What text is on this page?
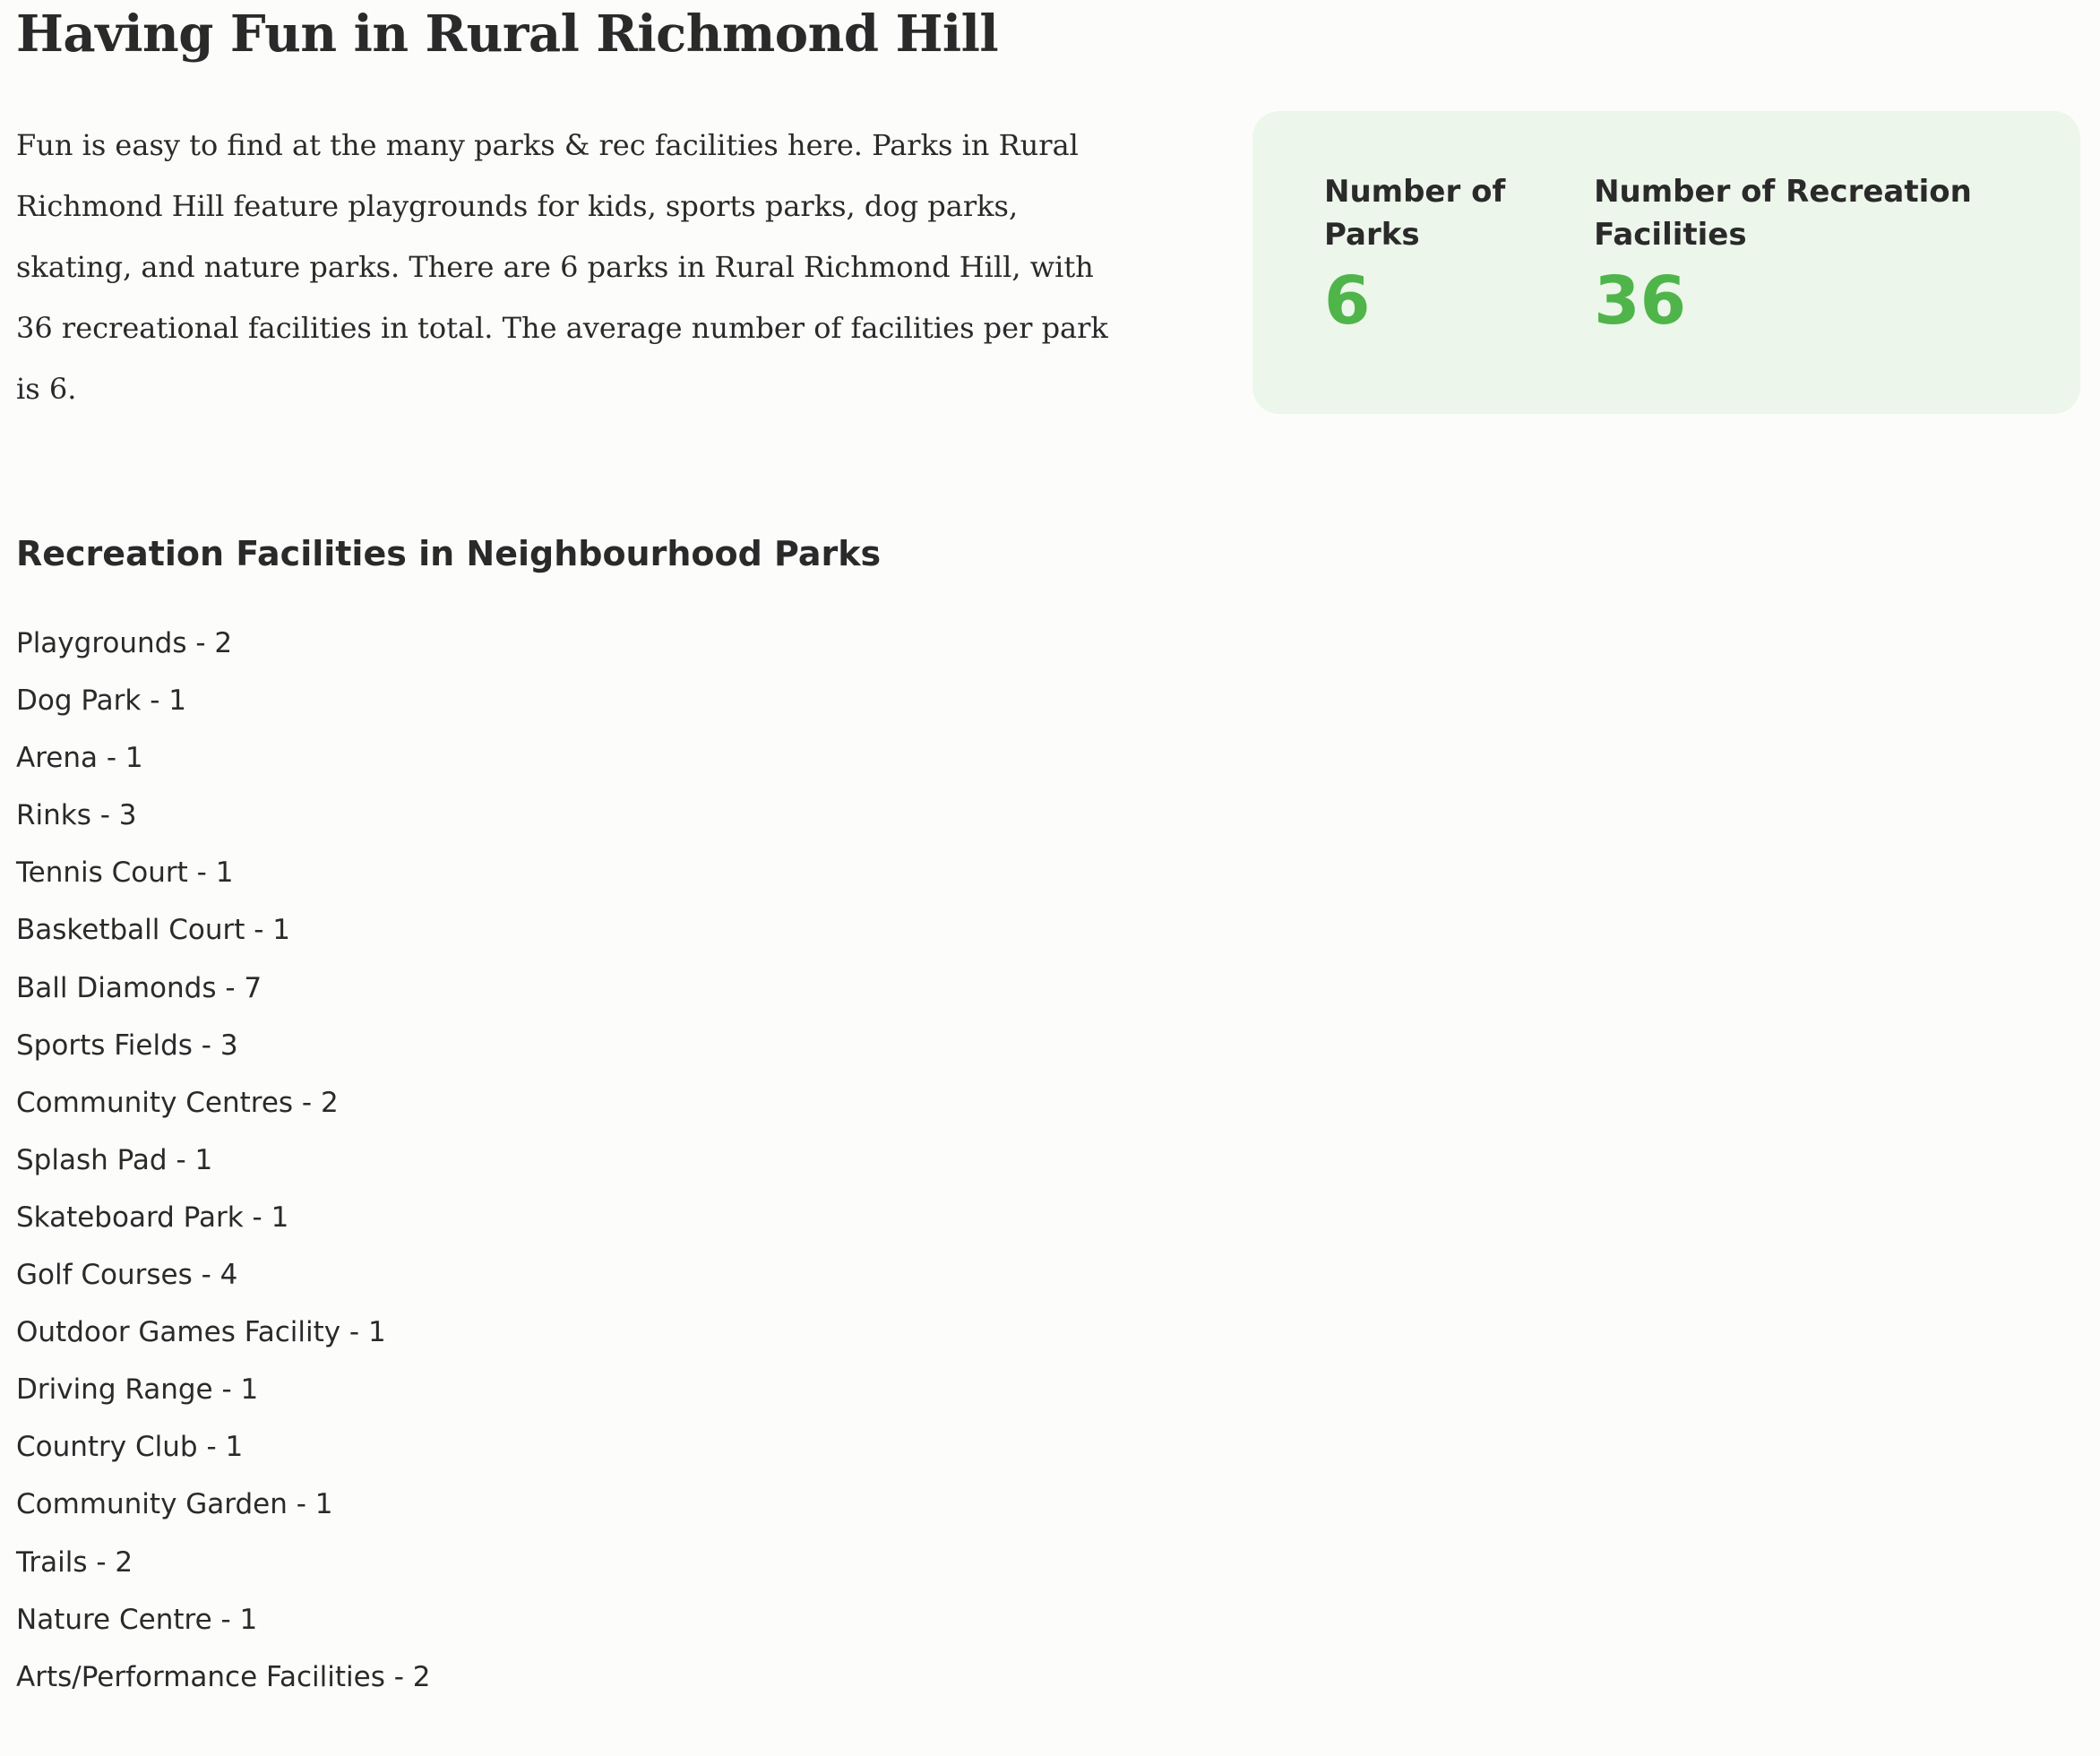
Having Fun in Rural Richmond Hill

Fun is easy to find at the many parks & rec facilities here. Parks in Rural Richmond Hill feature playgrounds for kids, sports parks, dog parks, skating, and nature parks. There are 6 parks in Rural Richmond Hill, with 36 recreational facilities in total. The average number of facilities per park is 6.

Number of Parks
6
Number of Recreation Facilities
36
Recreation Facilities in Neighbourhood Parks
Playgrounds - 2
Dog Park - 1
Arena - 1
Rinks - 3
Tennis Court - 1
Basketball Court - 1
Ball Diamonds - 7
Sports Fields - 3
Community Centres - 2
Splash Pad - 1
Skateboard Park - 1
Golf Courses - 4
Outdoor Games Facility - 1
Driving Range - 1
Country Club - 1
Community Garden - 1
Trails - 2
Nature Centre - 1
Arts/Performance Facilities - 2
